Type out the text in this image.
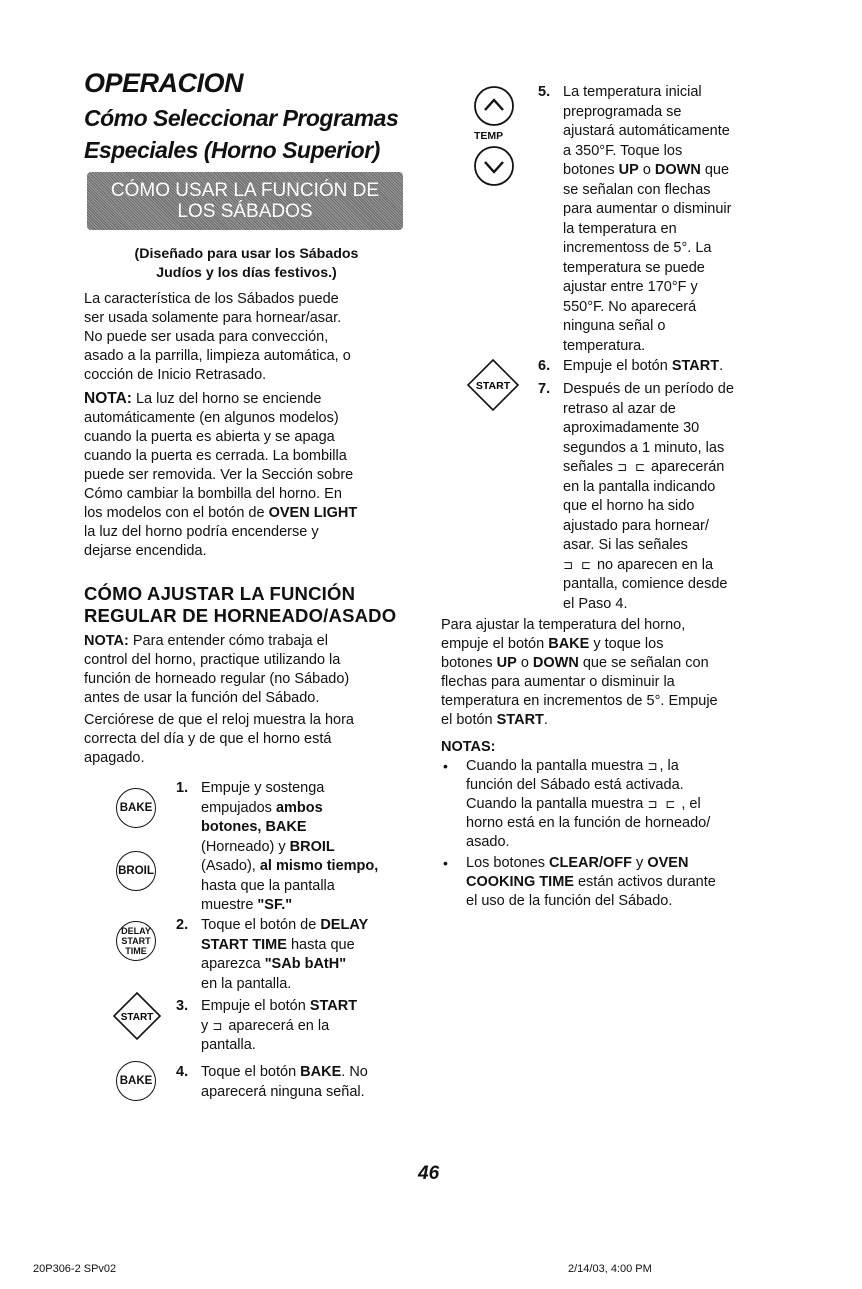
OPERACION
Cómo Seleccionar Programas
Especiales (Horno Superior)
CÓMO USAR LA FUNCIÓN DE
LOS SÁBADOS
(Diseñado para usar los Sábados
Judíos y los días festivos.)
La característica de los Sábados puede
ser usada solamente para hornear/asar.
No puede ser usada para convección,
asado a la parrilla, limpieza automática, o
cocción de Inicio Retrasado.
NOTA: La luz del horno se enciende
automáticamente (en algunos modelos)
cuando la puerta es abierta y se apaga
cuando la puerta es cerrada. La bombilla
puede ser removida. Ver la Sección sobre
Cómo cambiar la bombilla del horno. En
los modelos con el botón de OVEN LIGHT
la luz del horno podría encenderse y
dejarse encendida.
CÓMO AJUSTAR LA FUNCIÓN
REGULAR DE HORNEADO/ASADO
NOTA: Para entender cómo trabaja el
control del horno, practique utilizando la
función de horneado regular (no Sábado)
antes de usar la función del Sábado.
Cerciórese de que el reloj muestra la hora
correcta del día y de que el horno está
apagado.
BAKE
BROIL
DELAY
START
TIME
START
BAKE
1. Empuje y sostenga
empujados ambos
botones, BAKE
(Horneado) y BROIL
(Asado), al mismo tiempo,
hasta que la pantalla
muestre "SF."
2. Toque el botón de DELAY
START TIME hasta que
aparezca "SAb bAtH"
en la pantalla.
3. Empuje el botón START
y ⊐ aparecerá en la
pantalla.
4. Toque el botón BAKE. No
aparecerá ninguna señal.
TEMP
START
5. La temperatura inicial
preprogramada se
ajustará automáticamente
a 350°F. Toque los
botones UP o DOWN que
se señalan con flechas
para aumentar o disminuir
la temperatura en
incrementoss de 5°. La
temperatura se puede
ajustar entre 170°F y
550°F. No aparecerá
ninguna señal o
temperatura.
6. Empuje el botón START.
7. Después de un período de
retraso al azar de
aproximadamente 30
segundos a 1 minuto, las
señales ⊐ ⊏ aparecerán
en la pantalla indicando
que el horno ha sido
ajustado para hornear/
asar. Si las señales
⊐ ⊏ no aparecen en la
pantalla, comience desde
el Paso 4.
Para ajustar la temperatura del horno,
empuje el botón BAKE y toque los
botones UP o DOWN que se señalan con
flechas para aumentar o disminuir la
temperatura en incrementos de 5°. Empuje
el botón START.
NOTAS:
• Cuando la pantalla muestra ⊐, la
función del Sábado está activada.
Cuando la pantalla muestra ⊐ ⊏ , el
horno está en la función de horneado/
asado.
• Los botones CLEAR/OFF y OVEN
COOKING TIME están activos durante
el uso de la función del Sábado.
46
20P306-2 SPv02	2/14/03, 4:00 PM
